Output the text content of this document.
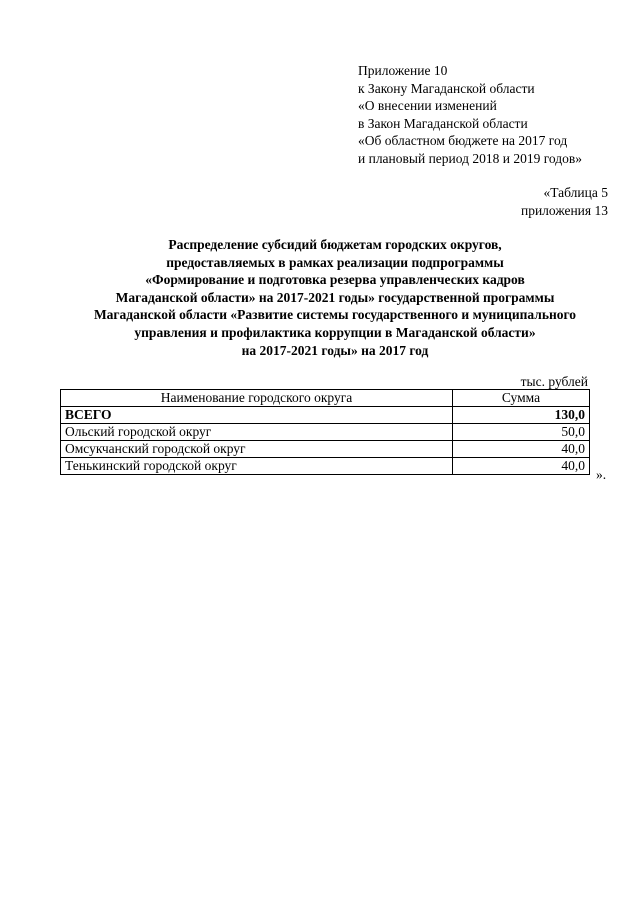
Приложение 10
к Закону Магаданской области
«О внесении изменений
в Закон Магаданской области
«Об областном бюджете на 2017 год
и плановый период 2018 и 2019 годов»
«Таблица 5
приложения 13
Распределение субсидий бюджетам городских округов,
предоставляемых в рамках реализации подпрограммы
«Формирование и подготовка резерва управленческих кадров
Магаданской области» на 2017-2021 годы» государственной программы
Магаданской области «Развитие системы государственного и муниципального
управления и профилактика коррупции в Магаданской области»
на 2017-2021 годы» на 2017 год
тыс. рублей
Наименование городского округа	Сумма
ВСЕГО	130,0
Ольский городской округ	50,0
Омсукчанский городской округ	40,0
Тенькинский городской округ	40,0
».
